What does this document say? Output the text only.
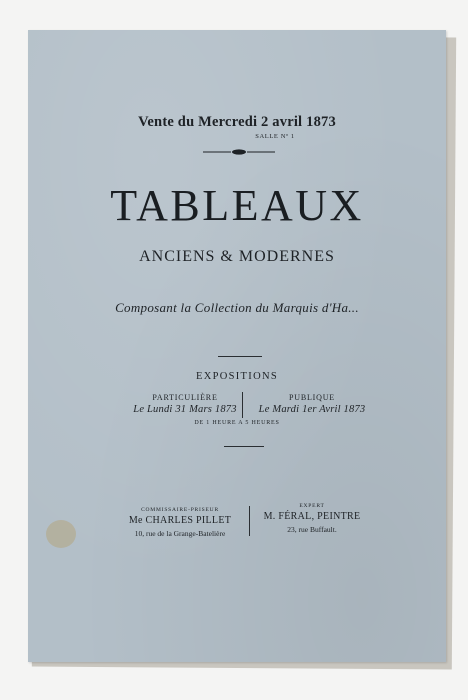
Vente du Mercredi 2 avril 1873
SALLE Nº 1
TABLEAUX
ANCIENS & MODERNES
Composant la Collection du Marquis d'Ha...
EXPOSITIONS
PARTICULIÈRE
Le Lundi 31 Mars 1873
PUBLIQUE
Le Mardi 1er Avril 1873
DE 1 HEURE A 5 HEURES
COMMISSAIRE-PRISEUR
Me CHARLES PILLET
10, rue de la Grange-Batelière
EXPERT
M. FÉRAL, PEINTRE
23, rue Buffault.
